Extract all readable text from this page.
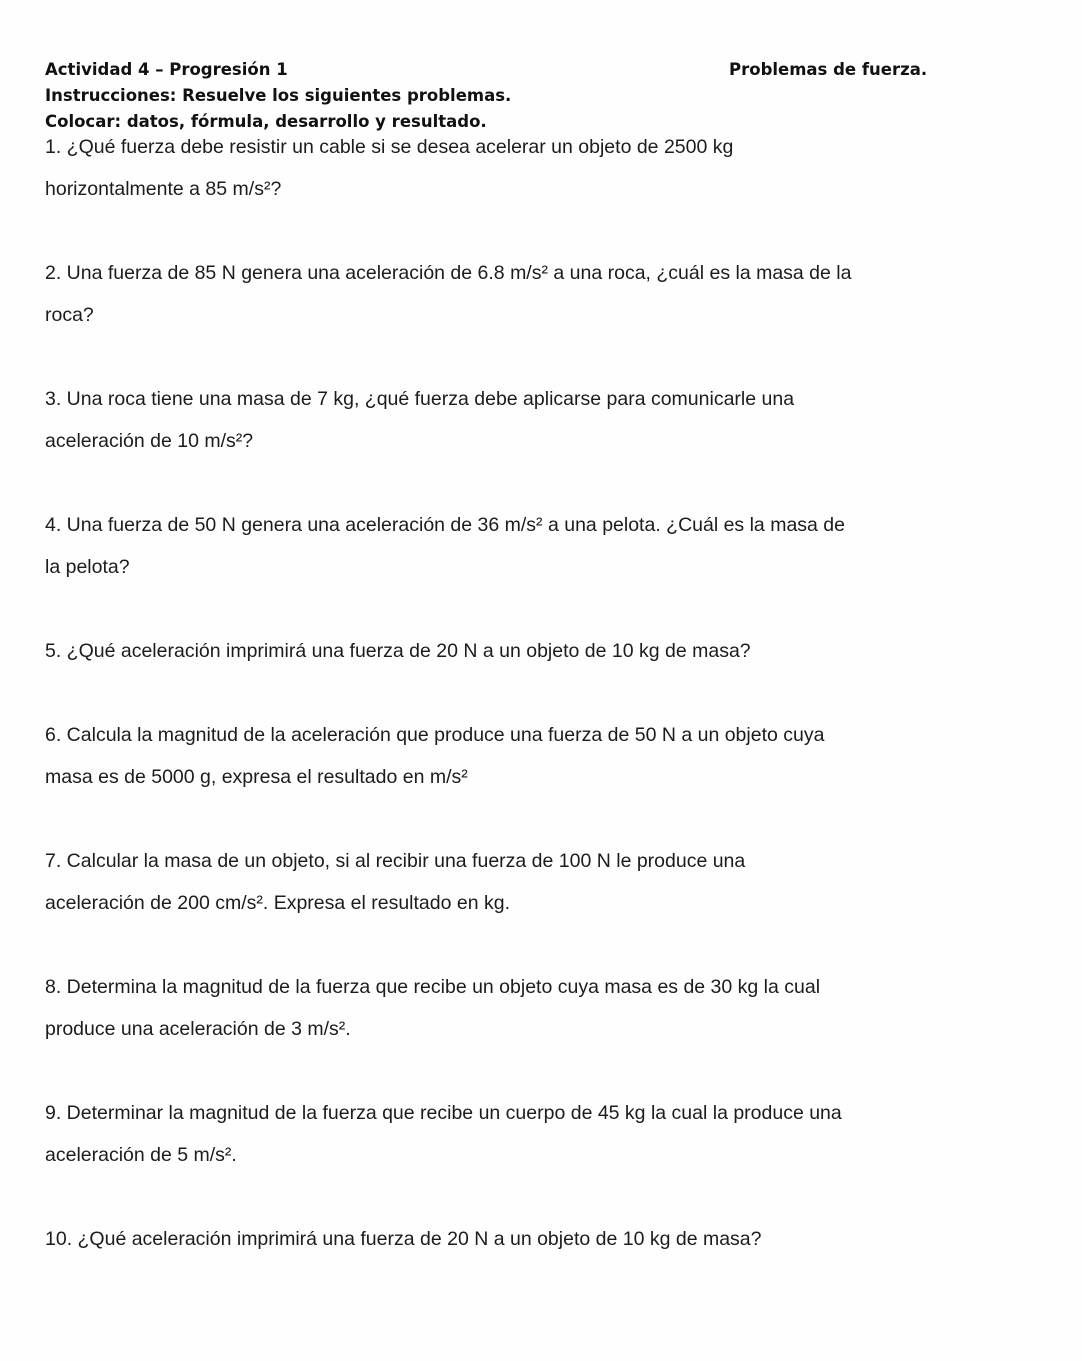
Actividad 4 – Progresión 1	Problemas de fuerza.
Instrucciones: Resuelve los siguientes problemas.
Colocar: datos, fórmula, desarrollo y resultado.
1. ¿Qué fuerza debe resistir un cable si se desea acelerar un objeto de 2500 kg
horizontalmente a 85 m/s²?
2. Una fuerza de 85 N genera una aceleración de 6.8 m/s² a una roca, ¿cuál es la masa de la
roca?
3. Una roca tiene una masa de 7 kg, ¿qué fuerza debe aplicarse para comunicarle una
aceleración de 10 m/s²?
4. Una fuerza de 50 N genera una aceleración de 36 m/s² a una pelota. ¿Cuál es la masa de
la pelota?
5. ¿Qué aceleración imprimirá una fuerza de 20 N a un objeto de 10 kg de masa?
6. Calcula la magnitud de la aceleración que produce una fuerza de 50 N a un objeto cuya
masa es de 5000 g, expresa el resultado en m/s²
7. Calcular la masa de un objeto, si al recibir una fuerza de 100 N le produce una
aceleración de 200 cm/s². Expresa el resultado en kg.
8. Determina la magnitud de la fuerza que recibe un objeto cuya masa es de 30 kg la cual
produce una aceleración de 3 m/s².
9. Determinar la magnitud de la fuerza que recibe un cuerpo de 45 kg la cual la produce una
aceleración de 5 m/s².
10. ¿Qué aceleración imprimirá una fuerza de 20 N a un objeto de 10 kg de masa?
